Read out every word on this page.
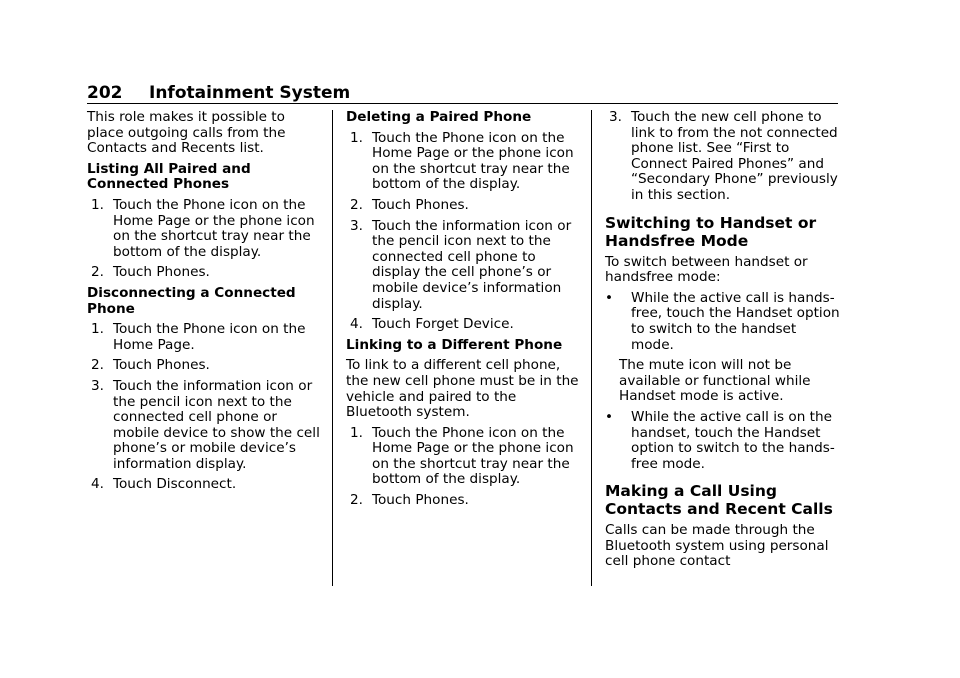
202 Infotainment System

This role makes it possible to place outgoing calls from the Contacts and Recents list.

Listing All Paired and Connected Phones
1. Touch the Phone icon on the Home Page or the phone icon on the shortcut tray near the bottom of the display.
2. Touch Phones.
Disconnecting a Connected Phone
1. Touch the Phone icon on the Home Page.
2. Touch Phones.
3. Touch the information icon or the pencil icon next to the connected cell phone or mobile device to show the cell phone’s or mobile device’s information display.
4. Touch Disconnect.
Deleting a Paired Phone
1. Touch the Phone icon on the Home Page or the phone icon on the shortcut tray near the bottom of the display.
2. Touch Phones.
3. Touch the information icon or the pencil icon next to the connected cell phone to display the cell phone’s or mobile device’s information display.
4. Touch Forget Device.
Linking to a Different Phone

To link to a different cell phone, the new cell phone must be in the vehicle and paired to the Bluetooth system.

1. Touch the Phone icon on the Home Page or the phone icon on the shortcut tray near the bottom of the display.
2. Touch Phones.
3. Touch the new cell phone to link to from the not connected phone list. See “First to Connect Paired Phones” and “Secondary Phone” previously in this section.
Switching to Handset or Handsfree Mode

To switch between handset or handsfree mode:

• While the active call is hands-free, touch the Handset option to switch to the handset mode.

The mute icon will not be available or functional while Handset mode is active.

• While the active call is on the handset, touch the Handset option to switch to the hands-free mode.
Making a Call Using Contacts and Recent Calls

Calls can be made through the Bluetooth system using personal cell phone contact
